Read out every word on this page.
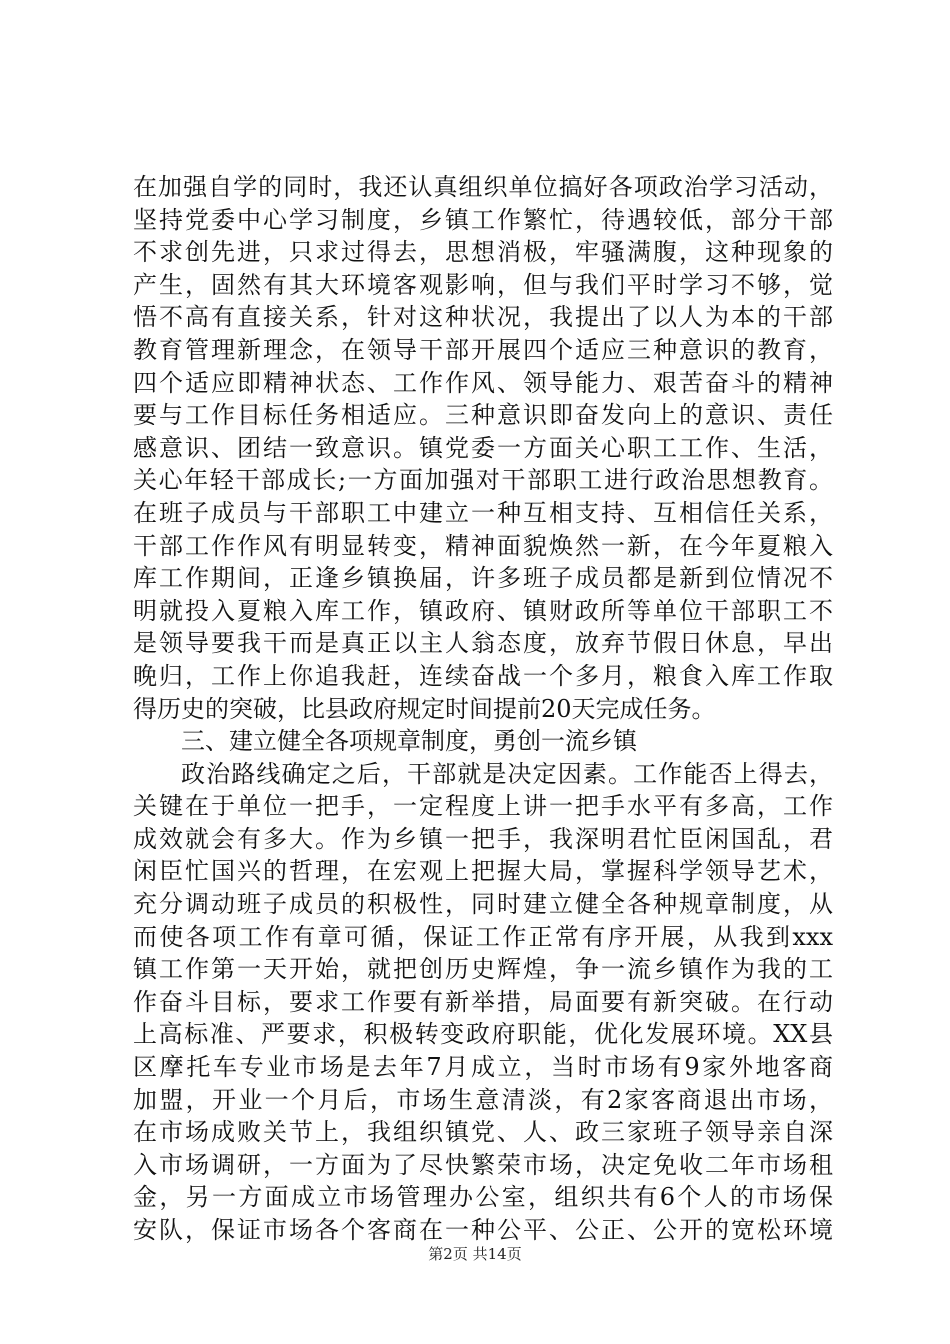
在加强自学的同时，我还认真组织单位搞好各项政治学习活动，
坚持党委中心学习制度，乡镇工作繁忙，待遇较低，部分干部
不求创先进，只求过得去，思想消极，牢骚满腹，这种现象的
产生，固然有其大环境客观影响，但与我们平时学习不够，觉
悟不高有直接关系，针对这种状况，我提出了以人为本的干部
教育管理新理念，在领导干部开展四个适应三种意识的教育，
四个适应即精神状态、工作作风、领导能力、艰苦奋斗的精神
要与工作目标任务相适应。三种意识即奋发向上的意识、责任
感意识、团结一致意识。镇党委一方面关心职工工作、生活，
关心年轻干部成长;一方面加强对干部职工进行政治思想教育。
在班子成员与干部职工中建立一种互相支持、互相信任关系，
干部工作作风有明显转变，精神面貌焕然一新，在今年夏粮入
库工作期间，正逢乡镇换届，许多班子成员都是新到位情况不
明就投入夏粮入库工作，镇政府、镇财政所等单位干部职工不
是领导要我干而是真正以主人翁态度，放弃节假日休息，早出
晚归，工作上你追我赶，连续奋战一个多月，粮食入库工作取
得历史的突破，比县政府规定时间提前20天完成任务。
三、建立健全各项规章制度，勇创一流乡镇
政治路线确定之后，干部就是决定因素。工作能否上得去，
关键在于单位一把手，一定程度上讲一把手水平有多高，工作
成效就会有多大。作为乡镇一把手，我深明君忙臣闲国乱，君
闲臣忙国兴的哲理，在宏观上把握大局，掌握科学领导艺术，
充分调动班子成员的积极性，同时建立健全各种规章制度，从
而使各项工作有章可循，保证工作正常有序开展，从我到xxx
镇工作第一天开始，就把创历史辉煌，争一流乡镇作为我的工
作奋斗目标，要求工作要有新举措，局面要有新突破。在行动
上高标准、严要求，积极转变政府职能，优化发展环境。XX县
区摩托车专业市场是去年7月成立，当时市场有9家外地客商
加盟，开业一个月后，市场生意清淡，有2家客商退出市场，
在市场成败关节上，我组织镇党、人、政三家班子领导亲自深
入市场调研，一方面为了尽快繁荣市场，决定免收二年市场租
金，另一方面成立市场管理办公室，组织共有6个人的市场保
安队，保证市场各个客商在一种公平、公正、公开的宽松环境
第2页 共14页
